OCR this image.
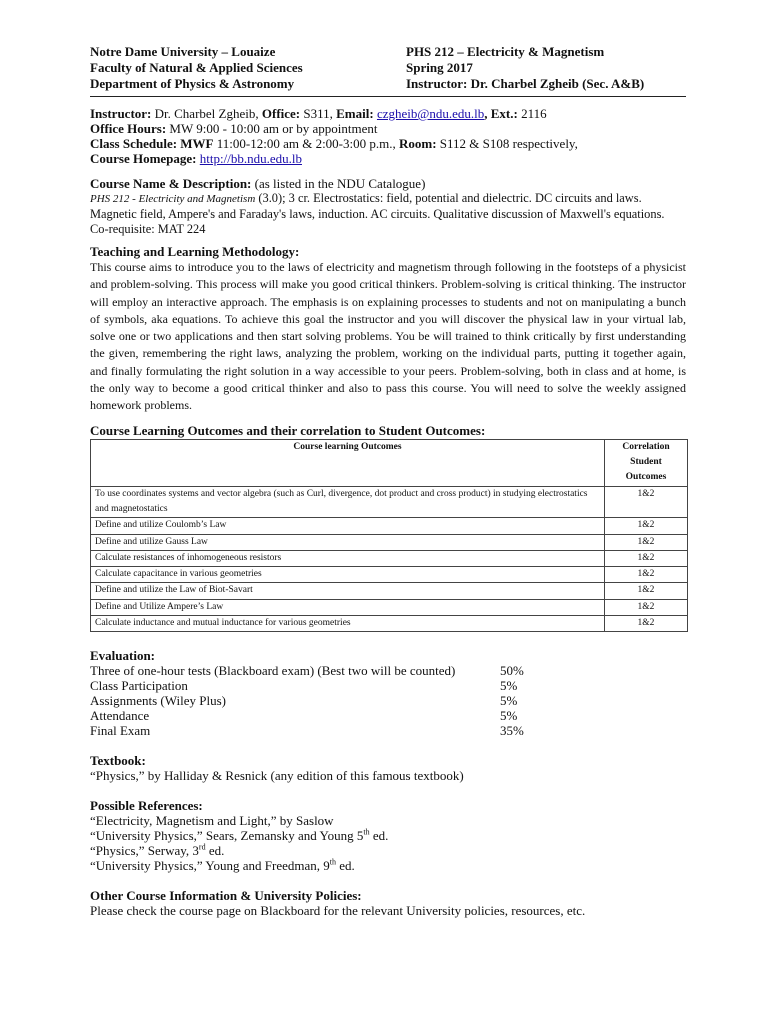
Notre Dame University – Louaize
Faculty of Natural & Applied Sciences
Department of Physics & Astronomy
PHS 212 – Electricity & Magnetism
Spring 2017
Instructor: Dr. Charbel Zgheib (Sec. A&B)

Instructor: Dr. Charbel Zgheib, Office: S311, Email: czgheib@ndu.edu.lb, Ext.: 2116

Office Hours: MW 9:00 - 10:00 am or by appointment

Class Schedule: MWF 11:00-12:00 am & 2:00-3:00 p.m., Room: S112 & S108 respectively,

Course Homepage: http://bb.ndu.edu.lb

Course Name & Description: (as listed in the NDU Catalogue)

PHS 212 - Electricity and Magnetism (3.0); 3 cr. Electrostatics: field, potential and dielectric. DC circuits and laws. Magnetic field, Ampere's and Faraday's laws, induction. AC circuits. Qualitative discussion of Maxwell's equations. Co-requisite: MAT 224

Teaching and Learning Methodology:

This course aims to introduce you to the laws of electricity and magnetism through following in the footsteps of a physicist and problem-solving. This process will make you good critical thinkers. Problem-solving is critical thinking. The instructor will employ an interactive approach. The emphasis is on explaining processes to students and not on manipulating a bunch of symbols, aka equations. To achieve this goal the instructor and you will discover the physical law in your virtual lab, solve one or two applications and then start solving problems. You be will trained to think critically by first understanding the given, remembering the right laws, analyzing the problem, working on the individual parts, putting it together again, and finally formulating the right solution in a way accessible to your peers. Problem-solving, both in class and at home, is the only way to become a good critical thinker and also to pass this course. You will need to solve the weekly assigned homework problems.

Course Learning Outcomes and their correlation to Student Outcomes:

Course learning Outcomes	Correlation
Student
Outcomes

To use coordinates systems and vector algebra (such as Curl, divergence, dot product and cross product) in studying electrostatics and magnetostatics	1&2
Define and utilize Coulomb’s Law	1&2
Define and utilize Gauss Law	1&2
Calculate resistances of inhomogeneous resistors	1&2
Calculate capacitance in various geometries	1&2
Define and utilize the Law of Biot-Savart	1&2
Define and Utilize Ampere’s Law	1&2
Calculate inductance and mutual inductance for various geometries	1&2

Evaluation:

Three of one-hour tests (Blackboard exam) (Best two will be counted)	50%
Class Participation	5%
Assignments (Wiley Plus)	5%
Attendance	5%
Final Exam	35%

Textbook:

“Physics,” by Halliday & Resnick (any edition of this famous textbook)

Possible References:

“Electricity, Magnetism and Light,” by Saslow

“University Physics,” Sears, Zemansky and Young 5th ed.

“Physics,” Serway, 3rd ed.

“University Physics,” Young and Freedman, 9th ed.

Other Course Information & University Policies:

Please check the course page on Blackboard for the relevant University policies, resources, etc.
